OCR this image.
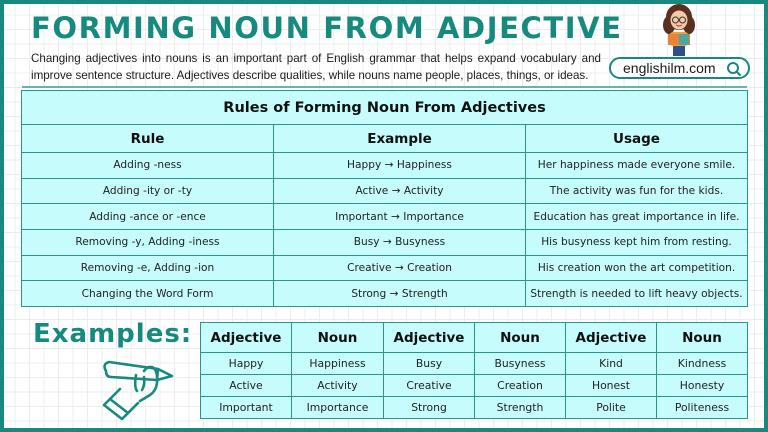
FORMING NOUN FROM ADJECTIVE

Changing adjectives into nouns is an important part of English grammar that helps expand vocabulary and improve sentence structure. Adjectives describe qualities, while nouns name people, places, things, or ideas.	englishilm.com
Rules of Forming Noun From Adjectives		
Rule	Example	Usage
Adding -ness	Happy → Happiness	Her happiness made everyone smile.
Adding -ity or -ty	Active → Activity	The activity was fun for the kids.
Adding -ance or -ence	Important → Importance	Education has great importance in life.
Removing -y, Adding -iness	Busy → Busyness	His busyness kept him from resting.
Removing -e, Adding -ion	Creative → Creation	His creation won the art competition.
Changing the Word Form	Strong → Strength	Strength is needed to lift heavy objects.
Examples: Adjective	Noun	Adjective	Noun	Adjective	Noun
Happy	Happiness	Busy	Busyness	Kind	Kindness
Active	Activity	Creative	Creation	Honest	Honesty
Important	Importance	Strong	Strength	Polite	Politeness
